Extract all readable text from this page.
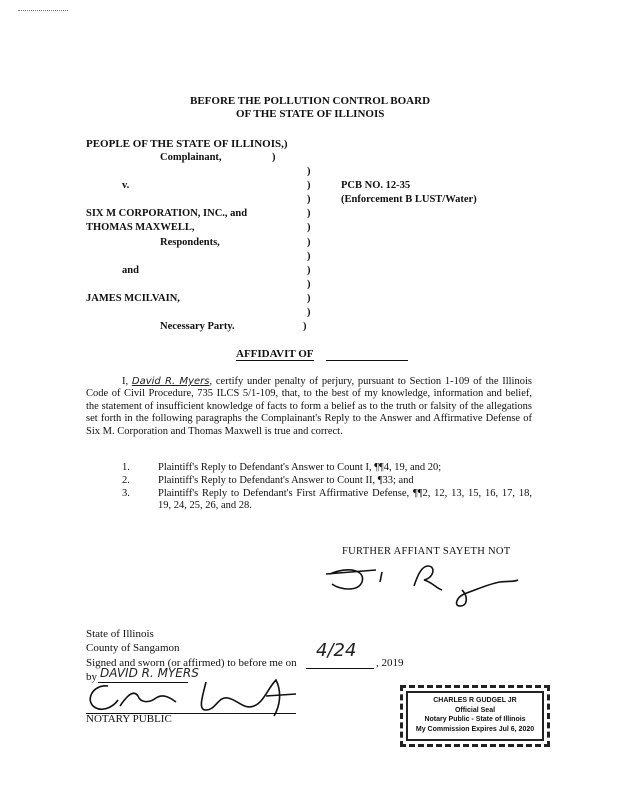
BEFORE THE POLLUTION CONTROL BOARD
OF THE STATE OF ILLINOIS
PEOPLE OF THE STATE OF ILLINOIS,)
Complainant,	)
v.
SIX M CORPORATION, INC., and
THOMAS MAXWELL,
Respondents,
and
JAMES MCILVAIN,
Necessary Party.
)
)
)
)
)
)
)
)
)
)
)
)
PCB NO. 12-35
(Enforcement B LUST/Water)
AFFIDAVIT OF
I, David R. Myers, certify under penalty of perjury, pursuant to Section 1-109 of the Illinois Code of Civil Procedure, 735 ILCS 5/1-109, that, to the best of my knowledge, information and belief, the statement of insufficient knowledge of facts to form a belief as to the truth or falsity of the allegations set forth in the following paragraphs the Complainant's Reply to the Answer and Affirmative Defense of Six M. Corporation and Thomas Maxwell is true and correct.
1.	Plaintiff's Reply to Defendant's Answer to Count I, ¶¶4, 19, and 20;
2.	Plaintiff's Reply to Defendant's Answer to Count II, ¶33; and
3.	Plaintiff's Reply to Defendant's First Affirmative Defense, ¶¶2, 12, 13, 15, 16, 17, 18, 19, 24, 25, 26, and 28.
FURTHER AFFIANT SAYETH NOT
State of Illinois
County of Sangamon
Signed and sworn (or affirmed) to before me on
4/24
, 2019
by DAVID R. MYERS
NOTARY PUBLIC
CHARLES R GUDGEL JR
Official Seal
Notary Public - State of Illinois
My Commission Expires Jul 6, 2020
